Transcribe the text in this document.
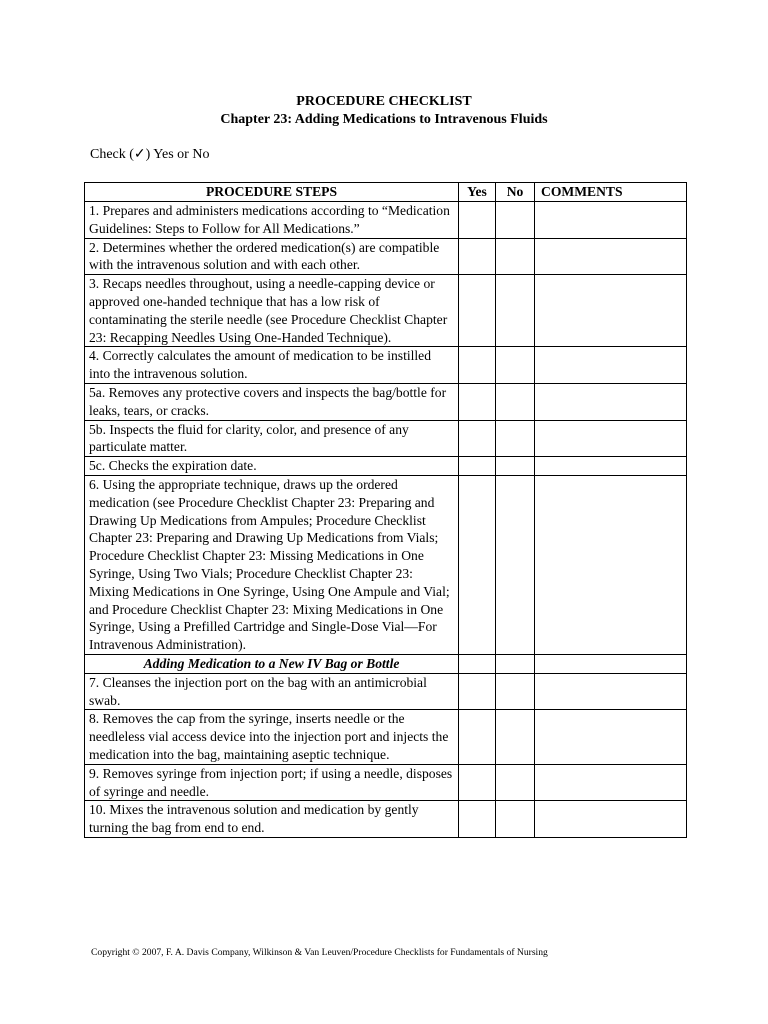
PROCEDURE CHECKLIST
Chapter 23: Adding Medications to Intravenous Fluids
Check (✓) Yes or No
PROCEDURE STEPS	Yes	No	COMMENTS
1. Prepares and administers medications according to “Medication Guidelines: Steps to Follow for All Medications.”			
2. Determines whether the ordered medication(s) are compatible with the intravenous solution and with each other.			
3. Recaps needles throughout, using a needle-capping device or approved one-handed technique that has a low risk of contaminating the sterile needle (see Procedure Checklist Chapter 23: Recapping Needles Using One-Handed Technique).			
4. Correctly calculates the amount of medication to be instilled into the intravenous solution.			
5a. Removes any protective covers and inspects the bag/bottle for leaks, tears, or cracks.			
5b. Inspects the fluid for clarity, color, and presence of any particulate matter.			
5c. Checks the expiration date.			
6. Using the appropriate technique, draws up the ordered medication (see Procedure Checklist Chapter 23: Preparing and Drawing Up Medications from Ampules; Procedure Checklist Chapter 23: Preparing and Drawing Up Medications from Vials; Procedure Checklist Chapter 23: Missing Medications in One Syringe, Using Two Vials; Procedure Checklist Chapter 23: Mixing Medications in One Syringe, Using One Ampule and Vial; and Procedure Checklist Chapter 23: Mixing Medications in One Syringe, Using a Prefilled Cartridge and Single-Dose Vial—For Intravenous Administration).			
Adding Medication to a New IV Bag or Bottle			
7. Cleanses the injection port on the bag with an antimicrobial swab.			
8. Removes the cap from the syringe, inserts needle or the needleless vial access device into the injection port and injects the medication into the bag, maintaining aseptic technique.			
9. Removes syringe from injection port; if using a needle, disposes of syringe and needle.			
10. Mixes the intravenous solution and medication by gently turning the bag from end to end.			
Copyright © 2007, F. A. Davis Company, Wilkinson & Van Leuven/Procedure Checklists for Fundamentals of Nursing
